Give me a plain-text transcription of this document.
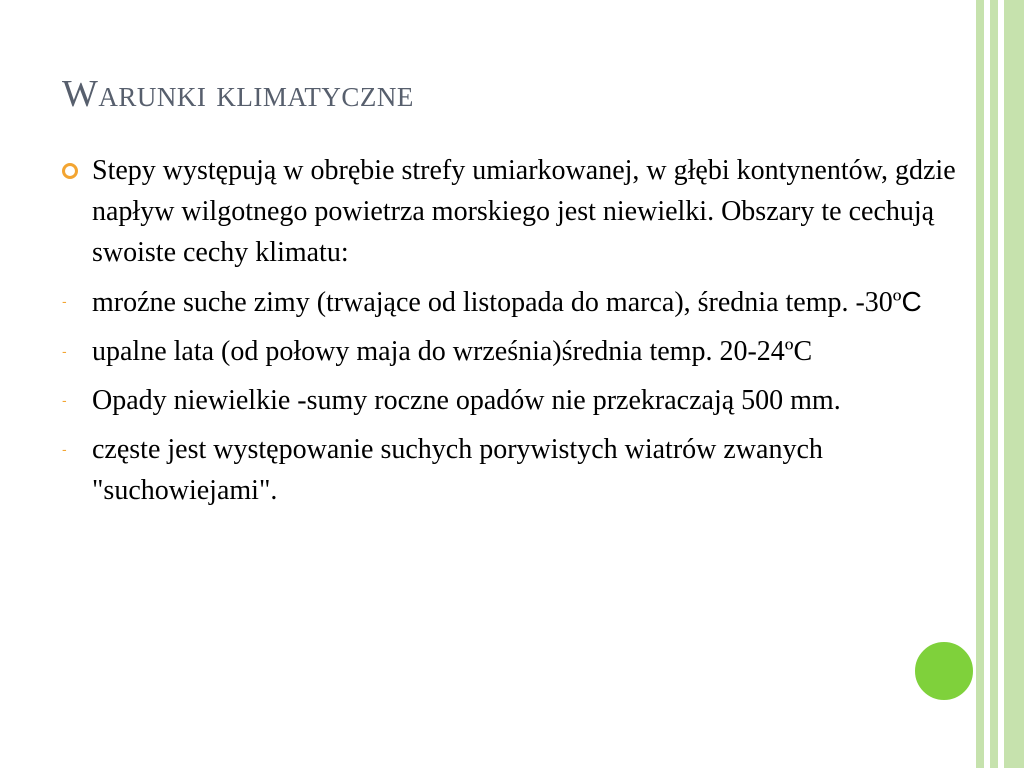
Warunki klimatyczne
Stepy występują w obrębie strefy umiarkowanej, w głębi kontynentów, gdzie napływ wilgotnego powietrza morskiego jest niewielki. Obszary te cechują swoiste cechy klimatu:
- mroźne suche zimy (trwające od listopada do marca), średnia temp. -30ºC
- upalne lata (od połowy maja do września)średnia temp. 20-24ºC
- Opady niewielkie -sumy roczne opadów nie przekraczają 500 mm.
- częste jest występowanie suchych porywistych wiatrów zwanych "suchowiejami".
